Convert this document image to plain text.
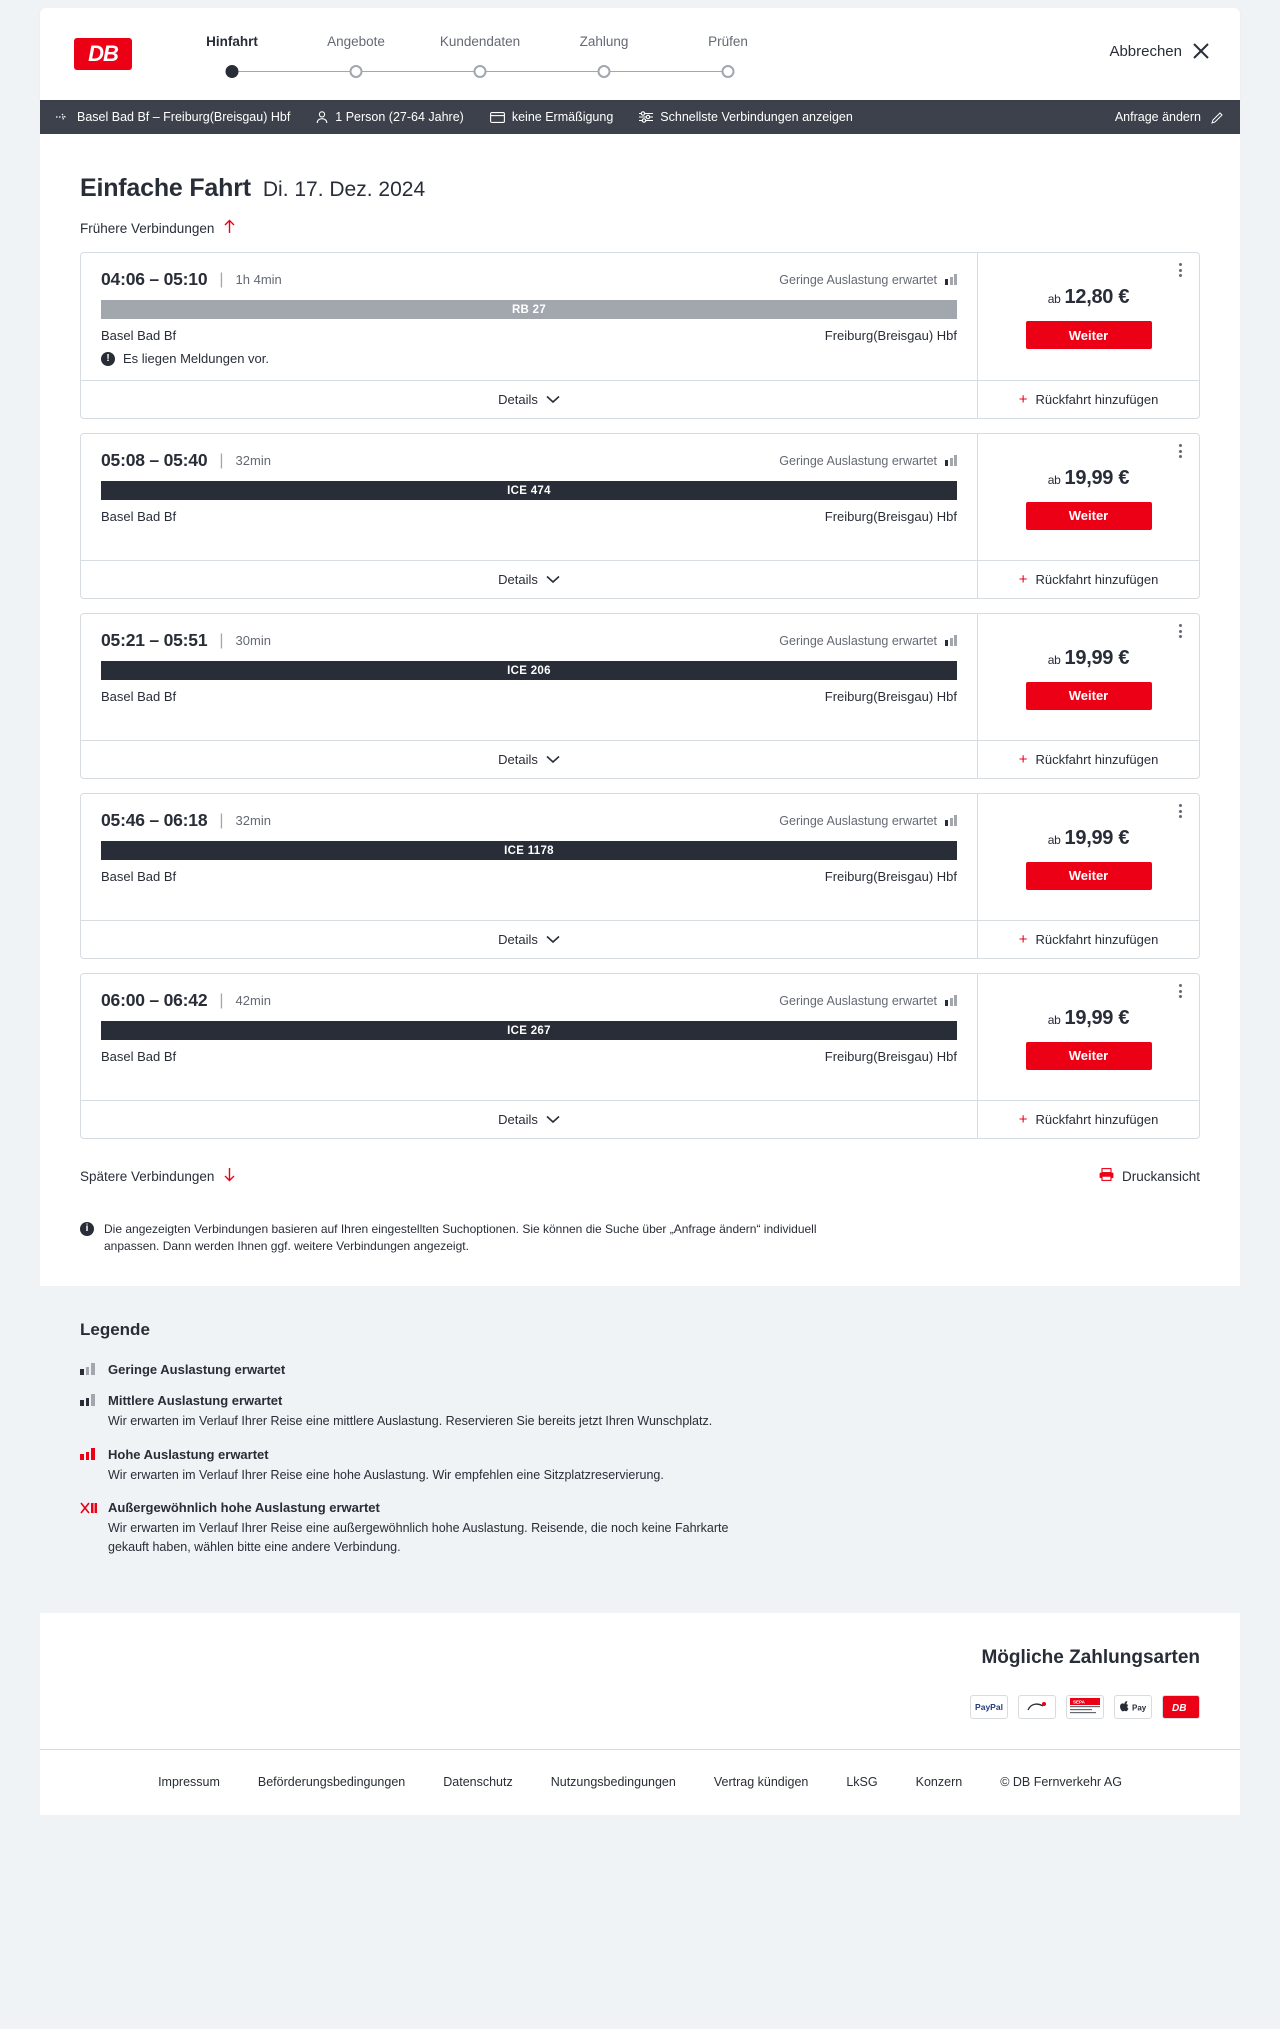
DB	Hinfahrt	Angebote	Kundendaten	Zahlung	Prüfen
Abbrechen
Basel Bad Bf – Freiburg(Breisgau) Hbf	1 Person (27-64 Jahre)	keine Ermäßigung	Schnellste Verbindungen anzeigen	Anfrage ändern
Einfache Fahrt Di. 17. Dez. 2024
Frühere Verbindungen
04:06 – 05:10 | 1h 4min	Geringe Auslastung erwartet
RB 27
Basel Bad Bf	Freiburg(Breisgau) Hbf
!	Es liegen Meldungen vor.
Details
ab 12,80 €
Weiter
+ Rückfahrt hinzufügen
05:08 – 05:40 | 32min	Geringe Auslastung erwartet
ICE 474
Basel Bad Bf	Freiburg(Breisgau) Hbf
Details
ab 19,99 €
Weiter
+ Rückfahrt hinzufügen
05:21 – 05:51 | 30min	Geringe Auslastung erwartet
ICE 206
Basel Bad Bf	Freiburg(Breisgau) Hbf
Details
ab 19,99 €
Weiter
+ Rückfahrt hinzufügen
05:46 – 06:18 | 32min	Geringe Auslastung erwartet
ICE 1178
Basel Bad Bf	Freiburg(Breisgau) Hbf
Details
ab 19,99 €
Weiter
+ Rückfahrt hinzufügen
06:00 – 06:42 | 42min	Geringe Auslastung erwartet
ICE 267
Basel Bad Bf	Freiburg(Breisgau) Hbf
Details
ab 19,99 €
Weiter
+ Rückfahrt hinzufügen
Spätere Verbindungen	Druckansicht
i	Die angezeigten Verbindungen basieren auf Ihren eingestellten Suchoptionen. Sie können die Suche über „Anfrage ändern“ individuell anpassen. Dann werden Ihnen ggf. weitere Verbindungen angezeigt.
Legende
Geringe Auslastung erwartet
Mittlere Auslastung erwartet
Wir erwarten im Verlauf Ihrer Reise eine mittlere Auslastung. Reservieren Sie bereits jetzt Ihren Wunschplatz.
Hohe Auslastung erwartet
Wir erwarten im Verlauf Ihrer Reise eine hohe Auslastung. Wir empfehlen eine Sitzplatzreservierung.
Außergewöhnlich hohe Auslastung erwartet
Wir erwarten im Verlauf Ihrer Reise eine außergewöhnlich hohe Auslastung. Reisende, die noch keine Fahrkarte gekauft haben, wählen bitte eine andere Verbindung.
Mögliche Zahlungsarten
PayPal	SEPA
Pay	DB
Impressum	Beförderungsbedingungen	Datenschutz	Nutzungsbedingungen	Vertrag kündigen	LkSG	Konzern	© DB Fernverkehr AG
